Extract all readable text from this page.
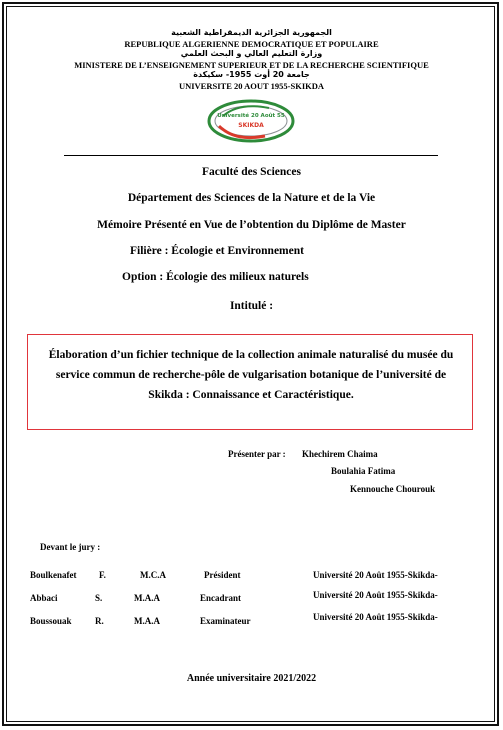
الجمهورية الجزائرية الديمقراطية الشعبية
REPUBLIQUE ALGERIENNE DEMOCRATIQUE ET POPULAIRE
وزارة التعليم العالي و البحث العلمي
MINISTERE DE L’ENSEIGNEMENT SUPERIEUR ET DE LA RECHERCHE SCIENTIFIQUE
جامعة 20 أوت 1955- سكيكدة
UNIVERSITE 20 AOUT 1955-SKIKDA
Université 20 Août 55
SKIKDA
Faculté des Sciences
Département des Sciences de la Nature et de la Vie
Mémoire Présenté en Vue de l’obtention du Diplôme de Master
Filière : Écologie et Environnement
Option : Écologie des milieux naturels
Intitulé :
Élaboration d’un fichier technique de la collection animale naturalisé du musée du service commun de recherche-pôle de vulgarisation botanique de l’université de Skikda : Connaissance et Caractéristique.
Présenter par : Khechirem Chaima
Boulahia Fatima
Kennouche Chourouk
Devant le jury :
Boulkenafet F.	M.C.A	Président	Université 20 Août 1955-Skikda-
Abbaci	S.	M.A.A	Encadrant	Université 20 Août 1955-Skikda-
Boussouak	R.	M.A.A	Examinateur	Université 20 Août 1955-Skikda-
Année universitaire 2021/2022
